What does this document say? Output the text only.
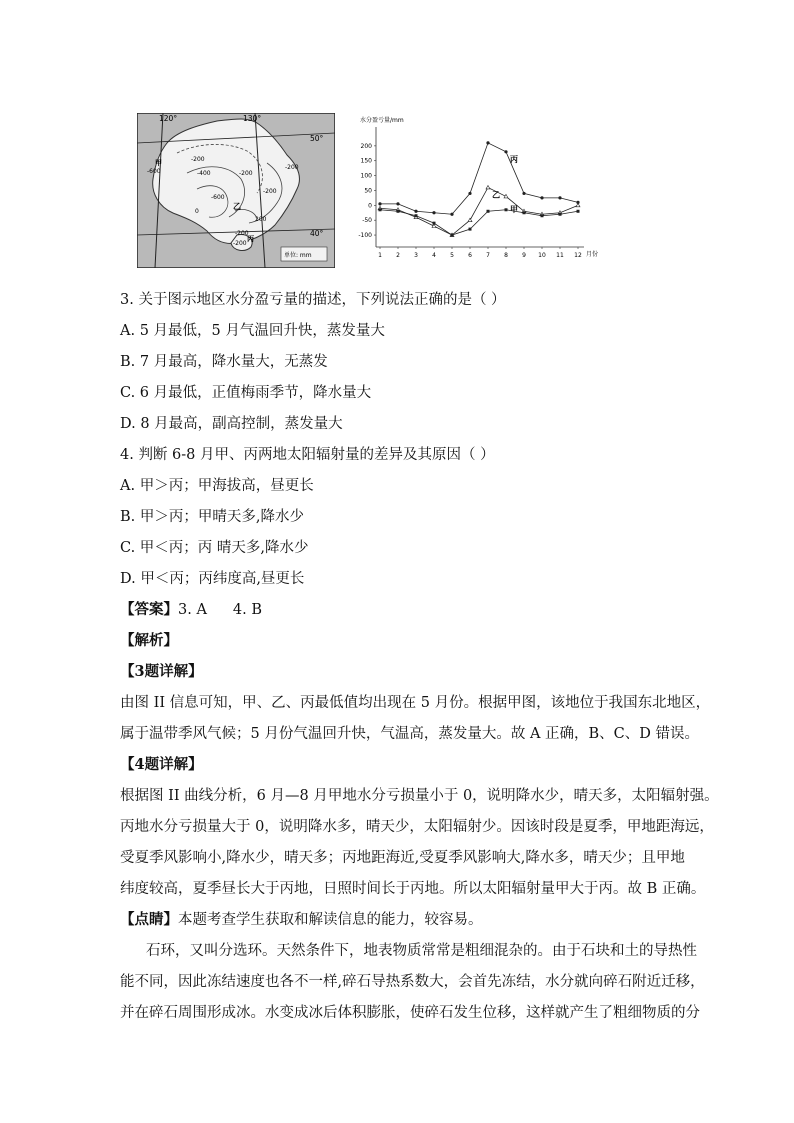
120°	130°
50°
40°
-200
-400
-600
-600
-200
-200
-200
0
200
-200
-200
甲
乙
丙
单位: mm
水分盈亏量/mm
月份
200
150
100
50
0
-50
-100
1 2 3 4 5 6 7 8 9 10 11 12
丙
乙
甲
3. 关于图示地区水分盈亏量的描述，下列说法正确的是（ ）
A. 5 月最低，5 月气温回升快，蒸发量大
B. 7 月最高，降水量大，无蒸发
C. 6 月最低，正值梅雨季节，降水量大
D. 8 月最高，副高控制，蒸发量大
4. 判断 6-8 月甲、丙两地太阳辐射量的差异及其原因（ ）
A. 甲＞丙；甲海拔高，昼更长
B. 甲＞丙；甲晴天多,降水少
C. 甲＜丙；丙 晴天多,降水少
D. 甲＜丙；丙纬度高,昼更长
【答案】3. A 4. B
【解析】
【3题详解】
由图 II 信息可知，甲、乙、丙最低值均出现在 5 月份。根据甲图，该地位于我国东北地区，
属于温带季风气候；5 月份气温回升快，气温高，蒸发量大。故 A 正确，B、C、D 错误。
【4题详解】
根据图 II 曲线分析，6 月—8 月甲地水分亏损量小于 0，说明降水少，晴天多，太阳辐射强。
丙地水分亏损量大于 0，说明降水多，晴天少，太阳辐射少。因该时段是夏季，甲地距海远，
受夏季风影响小,降水少，晴天多；丙地距海近,受夏季风影响大,降水多，晴天少；且甲地
纬度较高，夏季昼长大于丙地，日照时间长于丙地。所以太阳辐射量甲大于丙。故 B 正确。
【点睛】本题考查学生获取和解读信息的能力，较容易。
石环，又叫分选环。天然条件下，地表物质常常是粗细混杂的。由于石块和土的导热性
能不同，因此冻结速度也各不一样,碎石导热系数大，会首先冻结，水分就向碎石附近迁移，
并在碎石周围形成冰。水变成冰后体积膨胀，使碎石发生位移，这样就产生了粗细物质的分
